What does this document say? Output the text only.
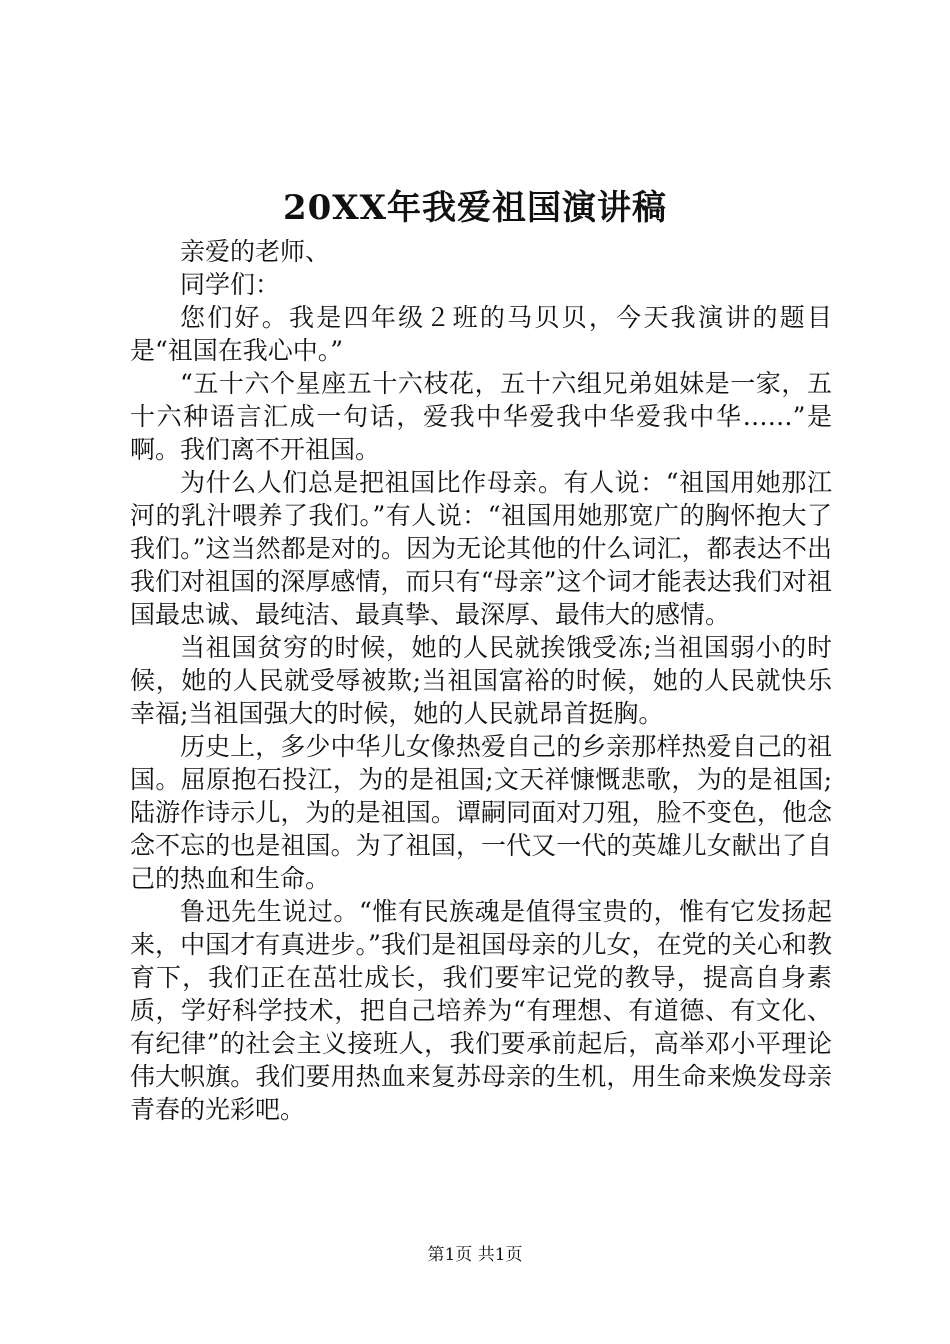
20XX年我爱祖国演讲稿

亲爱的老师、

同学们：

您们好。我是四年级２班的马贝贝，今天我演讲的题目是“祖国在我心中。”

“五十六个星座五十六枝花，五十六组兄弟姐妹是一家，五十六种语言汇成一句话，爱我中华爱我中华爱我中华……”是啊。我们离不开祖国。

为什么人们总是把祖国比作母亲。有人说：“祖国用她那江河的乳汁喂养了我们。”有人说：“祖国用她那宽广的胸怀抱大了我们。”这当然都是对的。因为无论其他的什么词汇，都表达不出我们对祖国的深厚感情，而只有“母亲”这个词才能表达我们对祖国最忠诚、最纯洁、最真挚、最深厚、最伟大的感情。

当祖国贫穷的时候，她的人民就挨饿受冻;当祖国弱小的时候，她的人民就受辱被欺;当祖国富裕的时候，她的人民就快乐幸福;当祖国强大的时候，她的人民就昂首挺胸。

历史上，多少中华儿女像热爱自己的乡亲那样热爱自己的祖国。屈原抱石投江，为的是祖国;文天祥慷慨悲歌，为的是祖国;陆游作诗示儿，为的是祖国。谭嗣同面对刀殂，脸不变色，他念念不忘的也是祖国。为了祖国，一代又一代的英雄儿女献出了自己的热血和生命。

鲁迅先生说过。“惟有民族魂是值得宝贵的，惟有它发扬起来，中国才有真进步。”我们是祖国母亲的儿女，在党的关心和教育下，我们正在茁壮成长，我们要牢记党的教导，提高自身素质，学好科学技术，把自己培养为“有理想、有道德、有文化、有纪律”的社会主义接班人，我们要承前起后，高举邓小平理论伟大帜旗。我们要用热血来复苏母亲的生机，用生命来焕发母亲青春的光彩吧。

第1页 共1页
